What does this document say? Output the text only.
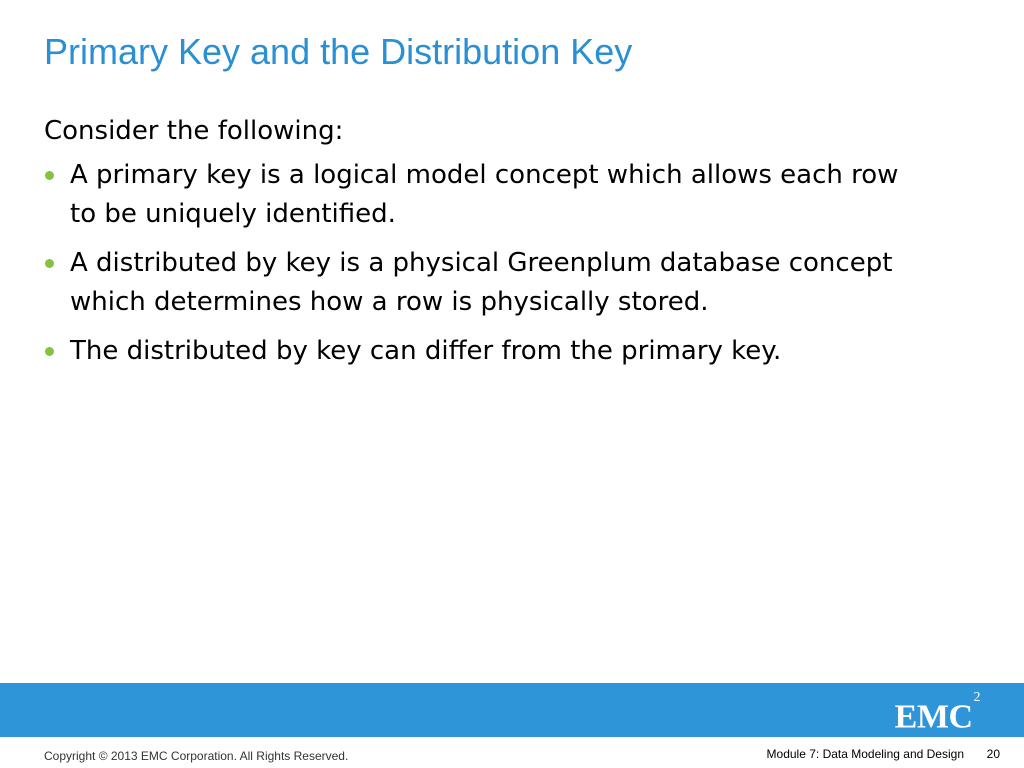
Primary Key and the Distribution Key
Consider the following:
A primary key is a logical model concept which allows each row
to be uniquely identified.
A distributed by key is a physical Greenplum database concept
which determines how a row is physically stored.
The distributed by key can differ from the primary key.
EMC$^2$
Copyright © 2013 EMC Corporation. All Rights Reserved.	Module 7: Data Modeling and Design 20
